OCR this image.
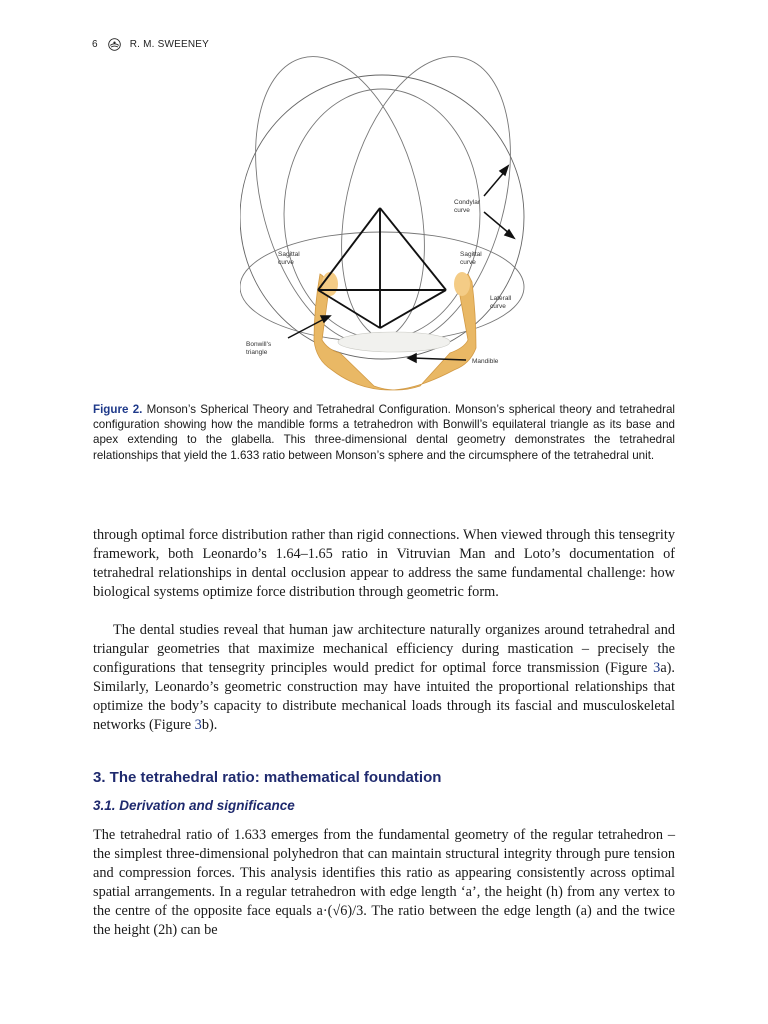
6	R. M. SWEENEY
Condylar
curve
Sagittal
curve
Sagittal
curve
Laterall
curve
Bonwill's
triangle
Mandible
Figure 2. Monson’s Spherical Theory and Tetrahedral Configuration. Monson’s spherical theory and tetrahedral configuration showing how the mandible forms a tetrahedron with Bonwill’s equilateral triangle as its base and apex extending to the glabella. This three-dimensional dental geometry demonstrates the tetrahedral relationships that yield the 1.633 ratio between Monson’s sphere and the circumsphere of the tetrahedral unit.

through optimal force distribution rather than rigid connections. When viewed through this tensegrity framework, both Leonardo’s 1.64–1.65 ratio in Vitruvian Man and Loto’s documentation of tetrahedral relationships in dental occlusion appear to address the same fundamental challenge: how biological systems optimize force distribution through geometric form.

The dental studies reveal that human jaw architecture naturally organizes around tetrahedral and triangular geometries that maximize mechanical efficiency during mastication – precisely the configurations that tensegrity principles would predict for optimal force transmission (Figure 3a). Similarly, Leonardo’s geometric construction may have intuited the proportional relationships that optimize the body’s capacity to distribute mechanical loads through its fascial and musculoskeletal networks (Figure 3b).

3. The tetrahedral ratio: mathematical foundation
3.1. Derivation and significance

The tetrahedral ratio of 1.633 emerges from the fundamental geometry of the regular tetrahedron – the simplest three-dimensional polyhedron that can maintain structural integrity through pure tension and compression forces. This analysis identifies this ratio as appearing consistently across optimal spatial arrangements. In a regular tetrahedron with edge length ‘a’, the height (h) from any vertex to the centre of the opposite face equals a·(√6)/3. The ratio between the edge length (a) and the twice the height (2h) can be
